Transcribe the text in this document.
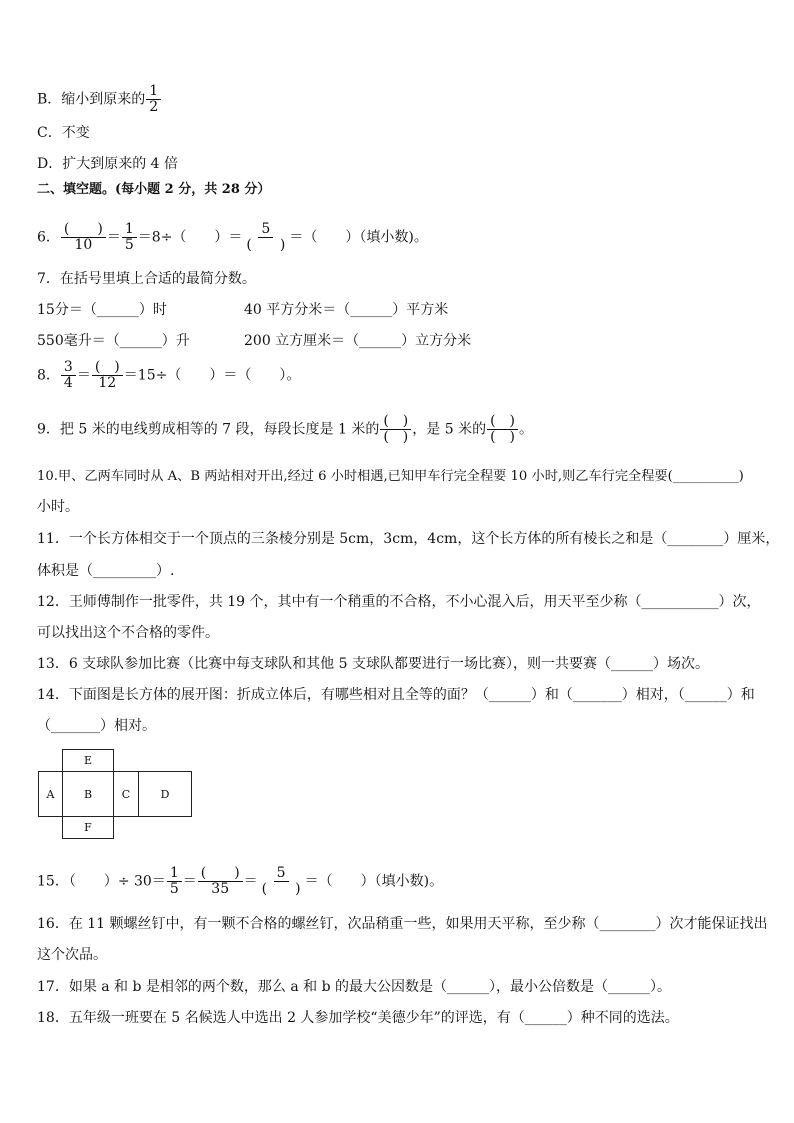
B．缩小到原来的 $\frac{1}{2}$
C．不变
D．扩大到原来的 4 倍
二、填空题。(每小题 2 分，共 28 分）
6． $\frac{( )}{10} = \frac{1}{5} =8\div$（　　）＝ $\frac{5}{( )}$ ＝（　　）（填小数)。
7．在括号里填上合适的最简分数。
15分＝（______）时	40 平方分米＝（______）平方米
550毫升＝（______）升	200 立方厘米＝（______）立方分米
8． $\frac{3}{4} = \frac{( )}{12} =15\div$（　　）＝（　　）。
9．把 5 米的电线剪成相等的 7 段，每段长度是 1 米的 $\frac{( )}{( )}$ ，是 5 米的 $\frac{( )}{( )}$ 。
10.甲、乙两车同时从 A、B 两站相对开出,经过 6 小时相遇,已知甲车行完全程要 10 小时,则乙车行完全程要(__________)
小时。
11．一个长方体相交于一个顶点的三条棱分别是 5cm，3cm，4cm，这个长方体的所有棱长之和是（________）厘米，
体积是（_________）.
12．王师傅制作一批零件，共 19 个，其中有一个稍重的不合格，不小心混入后，用天平至少称（___________）次，
可以找出这个不合格的零件。
13．6 支球队参加比赛（比赛中每支球队和其他 5 支球队都要进行一场比赛），则一共要赛（______）场次。
14．下面图是长方体的展开图：折成立体后，有哪些相对且全等的面？（______）和（_______）相对，（______）和
（_______）相对。
E
A	B	C	D
F
15．（　　）÷ $30= \frac{1}{5} = \frac{( )}{35} = \frac{5}{( )}$ ＝（　　）（填小数)。
16．在 11 颗螺丝钉中，有一颗不合格的螺丝钉，次品稍重一些，如果用天平称，至少称（________）次才能保证找出
这个次品。
17．如果 a 和 b 是相邻的两个数，那么 a 和 b 的最大公因数是（______），最小公倍数是（______）。
18．五年级一班要在 5 名候选人中选出 2 人参加学校“美德少年”的评选，有（______）种不同的选法。
